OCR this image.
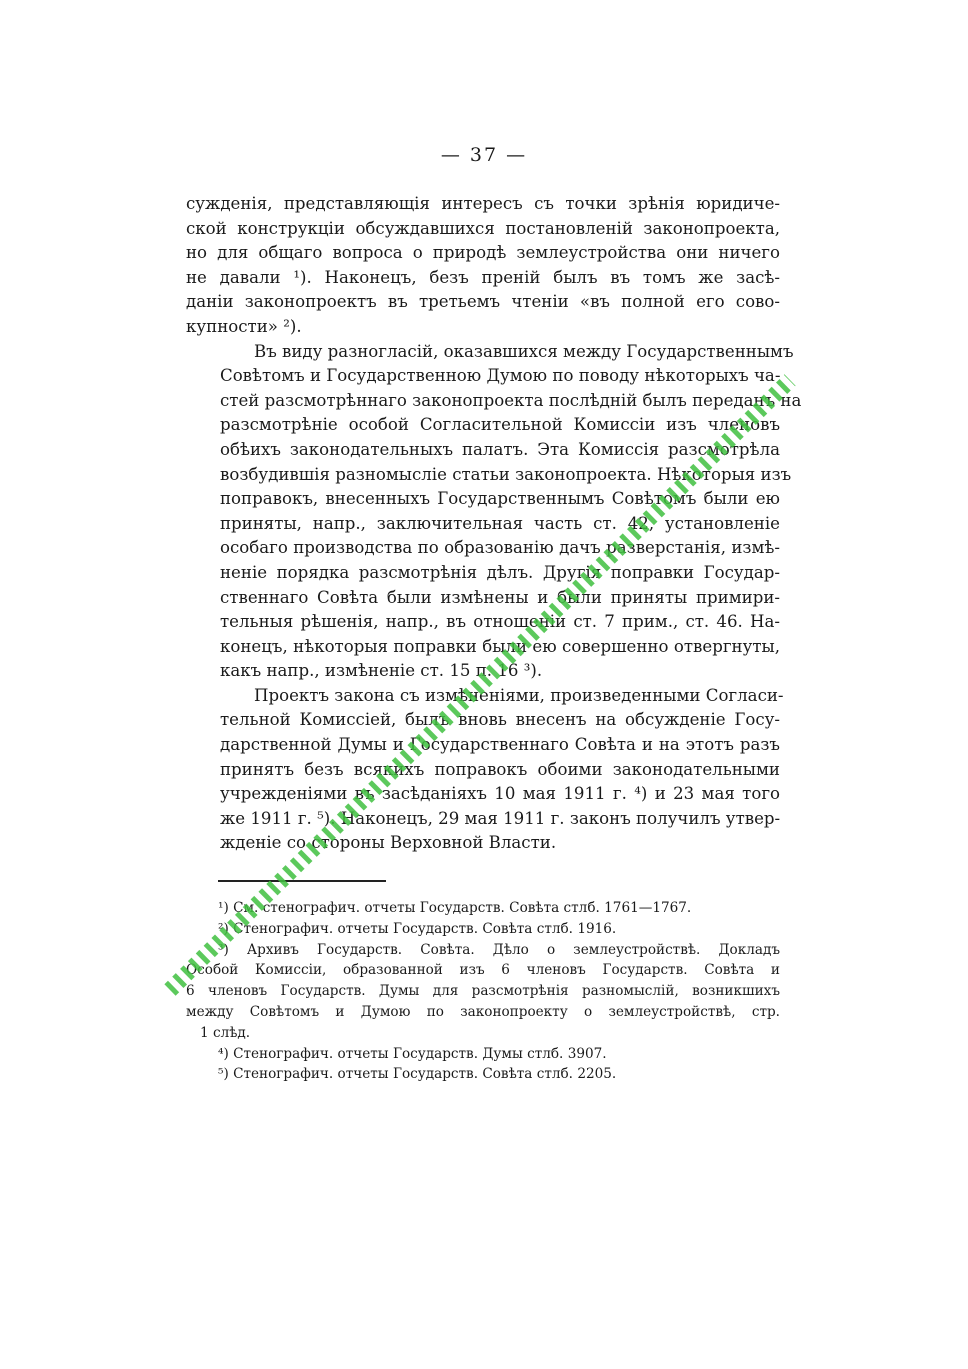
— 37 —

сужденія, представляющія интересъ съ точки зрѣнія юридиче-
ской конструкціи обсуждавшихся постановленій законопроекта,
но для общаго вопроса о природѣ землеустройства они ничего
не давали ¹). Наконецъ, безъ преній былъ въ томъ же засѣ-
даніи законопроектъ въ третьемъ чтеніи «въ полной его сово-
купности» ²).

Въ виду разногласій, оказавшихся между Государственнымъ
Совѣтомъ и Государственною Думою по поводу нѣкоторыхъ ча-
стей разсмотрѣннаго законопроекта послѣдній былъ переданъ на
разсмотрѣніе особой Согласительной Комиссіи изъ членовъ
обѣихъ законодательныхъ палатъ. Эта Комиссія разсмотрѣла
возбудившія разномысліе статьи законопроекта. Нѣкоторыя изъ
поправокъ, внесенныхъ Государственнымъ Совѣтомъ были ею
приняты, напр., заключительная часть ст. 42, установленіе
особаго производства по образованію дачъ разверстанія, измѣ-
неніе порядка разсмотрѣнія дѣлъ. Другія поправки Государ-
ственнаго Совѣта были измѣнены и были приняты примири-
тельныя рѣшенія, напр., въ отношеніи ст. 7 прим., ст. 46. На-
конецъ, нѣкоторыя поправки были ею совершенно отвергнуты,
какъ напр., измѣненіе ст. 15 п. 16 ³).

Проектъ закона съ измѣненіями, произведенными Согласи-
тельной Комиссіей, былъ вновь внесенъ на обсужденіе Госу-
дарственной Думы и Государственнаго Совѣта и на этотъ разъ
принятъ безъ всякихъ поправокъ обоими законодательными
учрежденіями въ засѣданіяхъ 10 мая 1911 г. ⁴) и 23 мая того
же 1911 г. ⁵). Наконецъ, 29 мая 1911 г. законъ получилъ утвер-
жденіе со стороны Верховной Власти.

¹) См. стенографич. отчеты Государств. Совѣта стлб. 1761—1767.
²) Стенографич. отчеты Государств. Совѣта стлб. 1916.
³) Архивъ Государств. Совѣта. Дѣло о землеустройствѣ. Докладъ
Особой Комиссіи, образованной изъ 6 членовъ Государств. Совѣта и
6 членовъ Государств. Думы для разсмотрѣнія разномыслій, возникшихъ
между Совѣтомъ и Думою по законопроекту о землеустройствѣ, стр.
1 слѣд.
⁴) Стенографич. отчеты Государств. Думы стлб. 3907.
⁵) Стенографич. отчеты Государств. Совѣта стлб. 2205.
